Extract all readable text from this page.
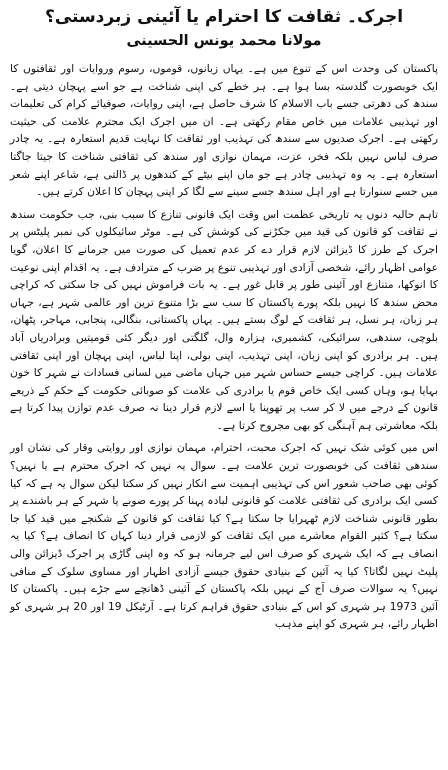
اجرک۔ ثقافت کا احترام یا آئینی زبردستی؟
مولانا محمد یونس الحسینی

پاکستان کی وحدت اس کے تنوع میں ہے۔ یہاں زبانوں، قوموں، رسوم وروایات اور ثقافتوں کا ایک خوبصورت گلدستہ بسا ہوا ہے۔ ہر خطے کی اپنی شناخت ہے جو اسے پہچان دیتی ہے۔ سندھ کی دھرتی جسے باب الاسلام کا شرف حاصل ہے، اپنی روایات، صوفیائے کرام کی تعلیمات اور تہذیبی علامات میں خاص مقام رکھتی ہے۔ ان میں اجرک ایک محترم علامت کی حیثیت رکھتی ہے۔ اجرک صدیوں سے سندھ کی تہذیب اور ثقافت کا نہایت قدیم استعارہ ہے۔ یہ چادر صرف لباس نہیں بلکہ فخر، عزت، مہمان نوازی اور سندھ کی ثقافتی شناخت کا جیتا جاگتا استعارہ ہے۔ یہ وہ تہذیبی چادر ہے جو ماں اپنے بیٹے کے کندھوں پر ڈالتی ہے، شاعر اپنے شعر میں جسے سنوارتا ہے اور اہل سندھ جسے سینے سے لگا کر اپنی پہچان کا اعلان کرتے ہیں۔

تاہم حالیہ دنوں یہ تاریخی عظمت اس وقت ایک قانونی تنازع کا سبب بنی، جب حکومت سندھ نے ثقافت کو قانون کی قید میں جکڑنے کی کوشش کی ہے۔ موٹر سائیکلوں کی نمبر پلیٹس پر اجرک کے طرز کا ڈیزائن لازم قرار دے کر عدم تعمیل کی صورت میں جرمانے کا اعلان، گویا عوامی اظہار رائے، شخصی آزادی اور تہذیبی تنوع پر ضرب کے مترادف ہے۔ یہ اقدام اپنی نوعیت کا انوکھا، متنازع اور آئینی طور پر قابل غور ہے۔ یہ بات فراموش نہیں کی جا سکتی کہ کراچی محض سندھ کا نہیں بلکہ پورے پاکستان کا سب سے بڑا متنوع ترین اور عالمی شہر ہے، جہاں ہر زبان، ہر نسل، ہر ثقافت کے لوگ بستے ہیں۔ یہاں پاکستانی، بنگالی، پنجابی، مہاجر، پٹھان، بلوچی، سندھی، سرائیکی، کشمیری، ہزارہ وال، گلگتی اور دیگر کئی قومیتیں وبرادریاں آباد ہیں۔ ہر برادری کو اپنی زبان، اپنی تہذیب، اپنی بولی، اپنا لباس، اپنی پہچان اور اپنی ثقافتی علامات ہیں۔ کراچی جیسے حساس شہر میں جہاں ماضی میں لسانی فسادات نے شہر کا خون بہایا ہو، وہاں کسی ایک خاص قوم یا برادری کی علامت کو صوبائی حکومت کے حکم کے ذریعے قانون کے درجے میں لا کر سب پر تھوپنا یا اسے لازم قرار دینا نہ صرف عدم توازن پیدا کرتا ہے بلکہ معاشرتی ہم آہنگی کو بھی مجروح کرتا ہے۔

اس میں کوئی شک نہیں کہ اجرک محبت، احترام، مہمان نوازی اور روایتی وقار کی نشان اور سندھی ثقافت کی خوبصورت ترین علامت ہے۔ سوال یہ نہیں کہ اجرک محترم ہے یا نہیں؟ کوئی بھی صاحب شعور اس کی تہذیبی اہمیت سے انکار نہیں کر سکتا لیکن سوال یہ ہے کہ کیا کسی ایک برادری کی ثقافتی علامت کو قانونی لبادہ پہنا کر پورے صوبے یا شہر کے ہر باشندے پر بطور قانونی شناخت لازم ٹھہرایا جا سکتا ہے؟ کیا ثقافت کو قانون کے شکنجے میں قید کیا جا سکتا ہے؟ کثیر القوام معاشرے میں ایک ثقافت کو لازمی قرار دینا کہاں کا انصاف ہے؟ کیا یہ انصاف ہے کہ ایک شہری کو صرف اس لیے جرمانہ ہو کہ وہ اپنی گاڑی پر اجرک ڈیزائن والی پلیٹ نہیں لگاتا؟ کیا یہ آئین کے بنیادی حقوق جیسے آزادی اظہار اور مساوی سلوک کے منافی نہیں؟ یہ سوالات صرف آج کے نہیں بلکہ پاکستان کے آئینی ڈھانچے سے جڑے ہیں۔ پاکستان کا آئین 1973 ہر شہری کو اس کے بنیادی حقوق فراہم کرتا ہے۔ آرٹیکل 19 اور 20 ہر شہری کو اظہار رائے، ہر شہری کو اپنے مذہب
